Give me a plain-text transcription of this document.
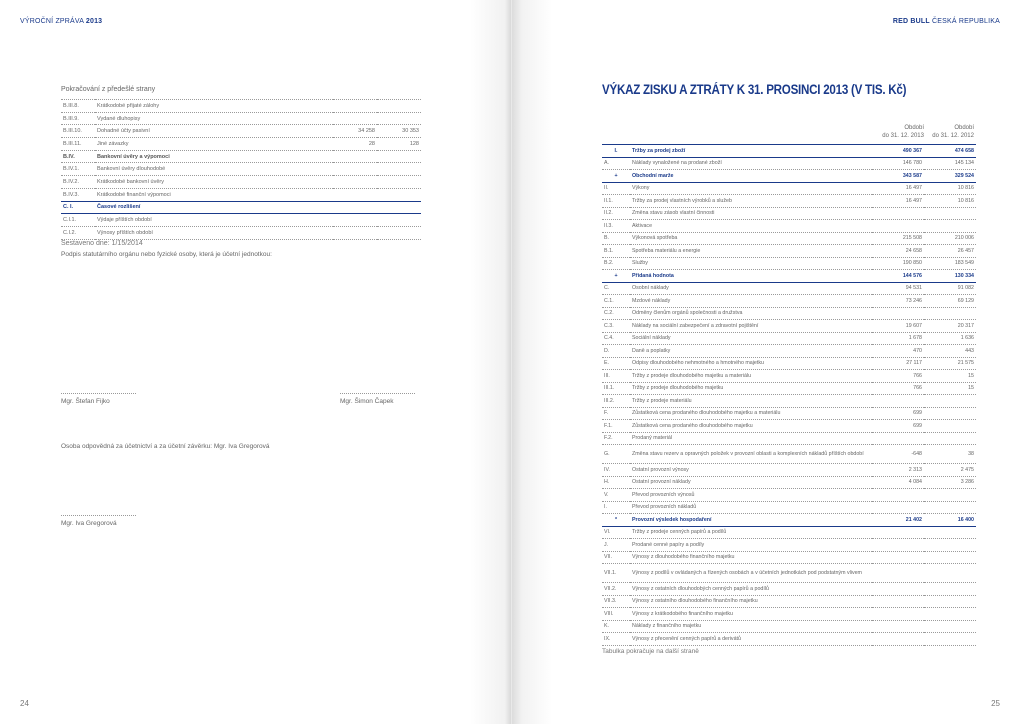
VÝROČNÍ ZPRÁVA 2013
Pokračování z předešlé strany
B.III.8.	Krátkodobé přijaté zálohy		
B.III.9.	Vydané dluhopisy		
B.III.10.	Dohadné účty pasivní	34 258	30 353
B.III.11.	Jiné závazky	28	128
B.IV.	Bankovní úvěry a výpomoci		
B.IV.1.	Bankovní úvěry dlouhodobé		
B.IV.2.	Krátkodobé bankovní úvěry		
B.IV.3.	Krátkodobé finanční výpomoci		
C. I.	Časové rozlišení		
C.I.1.	Výdaje příštích období		
C.I.2.	Výnosy příštích období		
Sestaveno dne: 1/15/2014
Podpis statutárního orgánu nebo fyzické osoby, která je účetní jednotkou:
Mgr. Štefan Fijko	Mgr. Šimon Čapek
Osoba odpovědná za účetnictví a za účetní závěrku: Mgr. Iva Gregorová
Mgr. Iva Gregorová
24
RED BULL ČESKÁ REPUBLIKA
VÝKAZ ZISKU A ZTRÁTY K 31. PROSINCI 2013 (V TIS. Kč)
Období
do 31. 12. 2013
Období
do 31. 12. 2012
I.	Tržby za prodej zboží	490 367	474 658
A.	Náklady vynaložené na prodané zboží	146 780	145 134
+	Obchodní marže	343 587	329 524
II.	Výkony	16 497	10 816
II.1.	Tržby za prodej vlastních výrobků a služeb	16 497	10 816
II.2.	Změna stavu zásob vlastní činnosti		
II.3.	Aktivace		
B.	Výkonová spotřeba	215 508	210 006
B.1.	Spotřeba materiálu a energie	24 658	26 457
B.2.	Služby	190 850	183 549
+	Přidaná hodnota	144 576	130 334
C.	Osobní náklady	94 531	91 082
C.1.	Mzdové náklady	73 246	69 129
C.2.	Odměny členům orgánů společnosti a družstva		
C.3.	Náklady na sociální zabezpečení a zdravotní pojištění	19 607	20 317
C.4.	Sociální náklady	1 678	1 636
D.	Daně a poplatky	470	443
E.	Odpisy dlouhodobého nehmotného a hmotného majetku	27 117	21 575
III.	Tržby z prodeje dlouhodobého majetku a materiálu	766	15
III.1.	Tržby z prodeje dlouhodobého majetku	766	15
III.2.	Tržby z prodeje materiálu		
F.	Zůstatková cena prodaného dlouhodobého majetku a materiálu	699	
F.1.	Zůstatková cena prodaného dlouhodobého majetku	699	
F.2.	Prodaný materiál		
G.	Změna stavu rezerv a opravných položek v provozní oblasti a komplexních nákladů příštích období	-648	38
IV.	Ostatní provozní výnosy	2 313	2 475
H.	Ostatní provozní náklady	4 084	3 286
V.	Převod provozních výnosů		
I.	Převod provozních nákladů		
*	Provozní výsledek hospodaření	21 402	16 400
VI.	Tržby z prodeje cenných papírů a podílů		
J.	Prodané cenné papíry a podíly		
VII.	Výnosy z dlouhodobého finančního majetku		
VII.1.	Výnosy z podílů v ovládaných a řízených osobách a v účetních jednotkách pod podstatným vlivem		
VII.2.	Výnosy z ostatních dlouhodobých cenných papírů a podílů		
VII.3.	Výnosy z ostatního dlouhodobého finančního majetku		
VIII.	Výnosy z krátkodobého finančního majetku		
K.	Náklady z finančního majetku		
IX.	Výnosy z přecenění cenných papírů a derivátů		
Tabulka pokračuje na další straně
25
